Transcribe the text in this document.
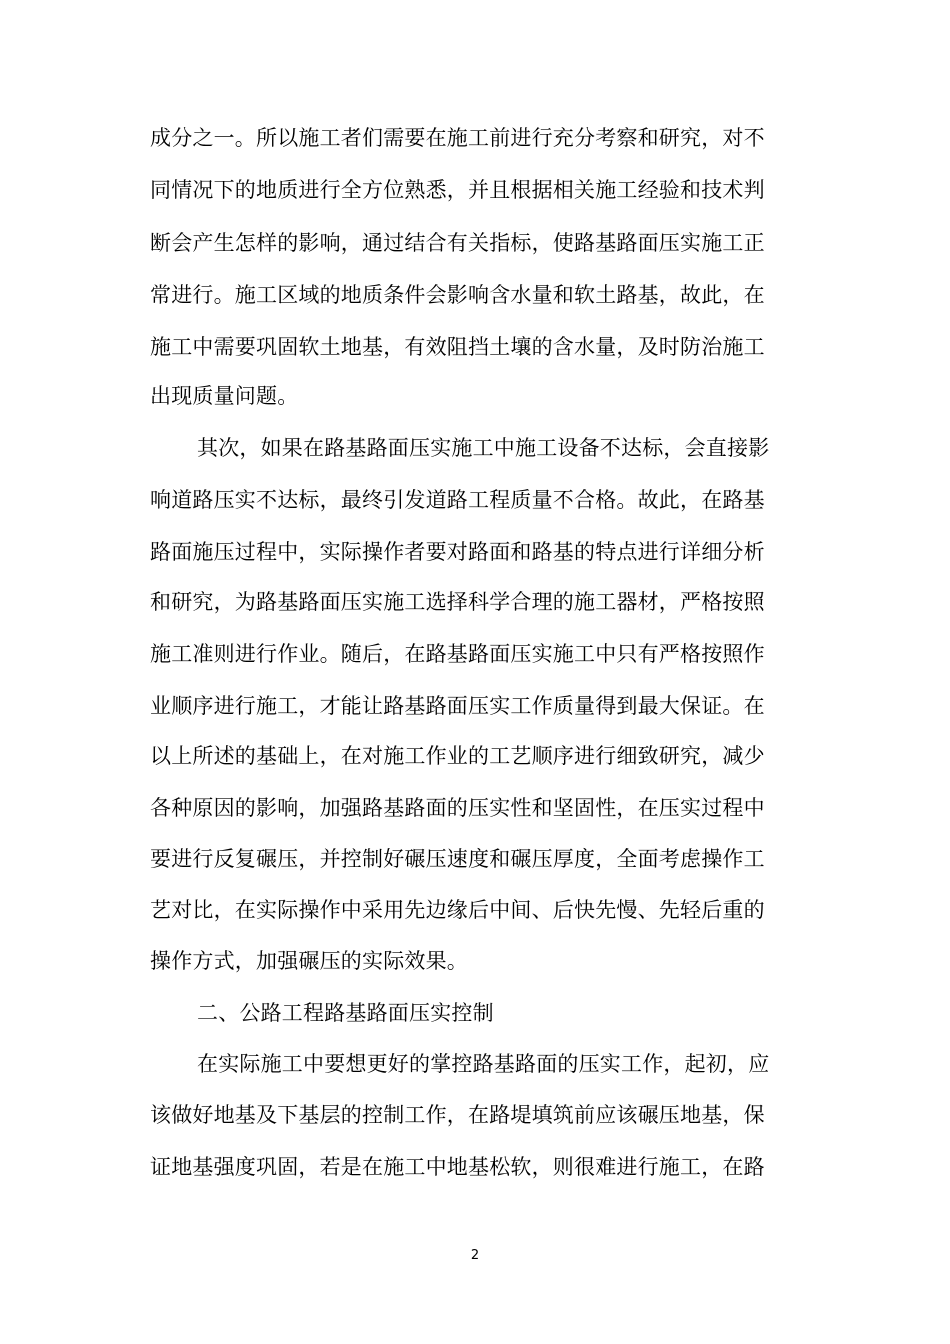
成分之一。所以施工者们需要在施工前进行充分考察和研究，对不
同情况下的地质进行全方位熟悉，并且根据相关施工经验和技术判
断会产生怎样的影响，通过结合有关指标，使路基路面压实施工正
常进行。施工区域的地质条件会影响含水量和软土路基，故此，在
施工中需要巩固软土地基，有效阻挡土壤的含水量，及时防治施工
出现质量问题。
其次，如果在路基路面压实施工中施工设备不达标，会直接影
响道路压实不达标，最终引发道路工程质量不合格。故此，在路基
路面施压过程中，实际操作者要对路面和路基的特点进行详细分析
和研究，为路基路面压实施工选择科学合理的施工器材，严格按照
施工准则进行作业。随后，在路基路面压实施工中只有严格按照作
业顺序进行施工，才能让路基路面压实工作质量得到最大保证。在
以上所述的基础上，在对施工作业的工艺顺序进行细致研究，减少
各种原因的影响，加强路基路面的压实性和坚固性，在压实过程中
要进行反复碾压，并控制好碾压速度和碾压厚度，全面考虑操作工
艺对比，在实际操作中采用先边缘后中间、后快先慢、先轻后重的
操作方式，加强碾压的实际效果。
二、公路工程路基路面压实控制
在实际施工中要想更好的掌控路基路面的压实工作，起初，应
该做好地基及下基层的控制工作，在路堤填筑前应该碾压地基，保
证地基强度巩固，若是在施工中地基松软，则很难进行施工，在路
2
